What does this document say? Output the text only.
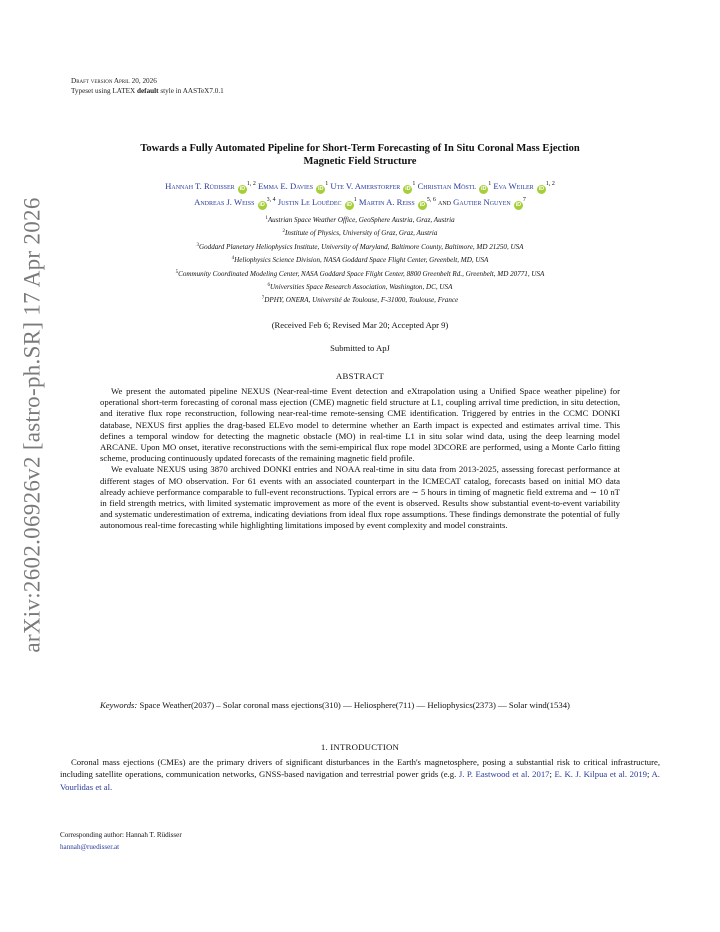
arXiv:2602.06926v2 [astro-ph.SR] 17 Apr 2026
Draft version April 20, 2026
Typeset using LATEX default style in AASTeX7.0.1
Towards a Fully Automated Pipeline for Short-Term Forecasting of In Situ Coronal Mass Ejection
Magnetic Field Structure
Hannah T. Rüdisser iD$^{1, 2}$ Emma E. Davies $iD^1$ Ute V. Amerstorfer $iD^1$ Christian Möstl $iD^1$ Eva Weiler iD$^{1, 2}$
Andreas J. Weiss iD$^{3, 4}$ Justin Le Louëdec $iD^1$ Martin A. Reiss iD$^{5, 6}$ and Gautier Nguyen $iD^7$
$^1$Austrian Space Weather Office, GeoSphere Austria, Graz, Austria
$^2$Institute of Physics, University of Graz, Graz, Austria
$^3$Goddard Planetary Heliophysics Institute, University of Maryland, Baltimore County, Baltimore, MD 21250, USA
$^4$Heliophysics Science Division, NASA Goddard Space Flight Center, Greenbelt, MD, USA
$^5$Community Coordinated Modeling Center, NASA Goddard Space Flight Center, 8800 Greenbelt Rd., Greenbelt, MD 20771, USA
$^6$Universities Space Research Association, Washington, DC, USA
$^7$DPHY, ONERA, Université de Toulouse, F-31000, Toulouse, France
(Received Feb 6; Revised Mar 20; Accepted Apr 9)
Submitted to ApJ
ABSTRACT

We present the automated pipeline NEXUS (Near-real-time Event detection and eXtrapolation using a Unified Space weather pipeline) for operational short-term forecasting of coronal mass ejection (CME) magnetic field structure at L1, coupling arrival time prediction, in situ detection, and iterative flux rope reconstruction, following near-real-time remote-sensing CME identification. Triggered by entries in the CCMC DONKI database, NEXUS first applies the drag-based ELEvo model to determine whether an Earth impact is expected and estimates arrival time. This defines a temporal window for detecting the magnetic obstacle (MO) in real-time L1 in situ solar wind data, using the deep learning model ARCANE. Upon MO onset, iterative reconstructions with the semi-empirical flux rope model 3DCORE are performed, using a Monte Carlo fitting scheme, producing continuously updated forecasts of the remaining magnetic field profile.

We evaluate NEXUS using 3870 archived DONKI entries and NOAA real-time in situ data from 2013-2025, assessing forecast performance at different stages of MO observation. For 61 events with an associated counterpart in the ICMECAT catalog, forecasts based on initial MO data already achieve performance comparable to full-event reconstructions. Typical errors are ∼ 5 hours in timing of magnetic field extrema and ∼ 10 nT in field strength metrics, with limited systematic improvement as more of the event is observed. Results show substantial event-to-event variability and systematic underestimation of extrema, indicating deviations from ideal flux rope assumptions. These findings demonstrate the potential of fully autonomous real-time forecasting while highlighting limitations imposed by event complexity and model constraints.

Keywords: Space Weather(2037) – Solar coronal mass ejections(310) — Heliosphere(711) — Heliophysics(2373) — Solar wind(1534)
1. INTRODUCTION

Coronal mass ejections (CMEs) are the primary drivers of significant disturbances in the Earth's magnetosphere, posing a substantial risk to critical infrastructure, including satellite operations, communication networks, GNSS-based navigation and terrestrial power grids (e.g. J. P. Eastwood et al. 2017; E. K. J. Kilpua et al. 2019; A. Vourlidas et al.

Corresponding author: Hannah T. Rüdisser
hannah@ruedisser.at
